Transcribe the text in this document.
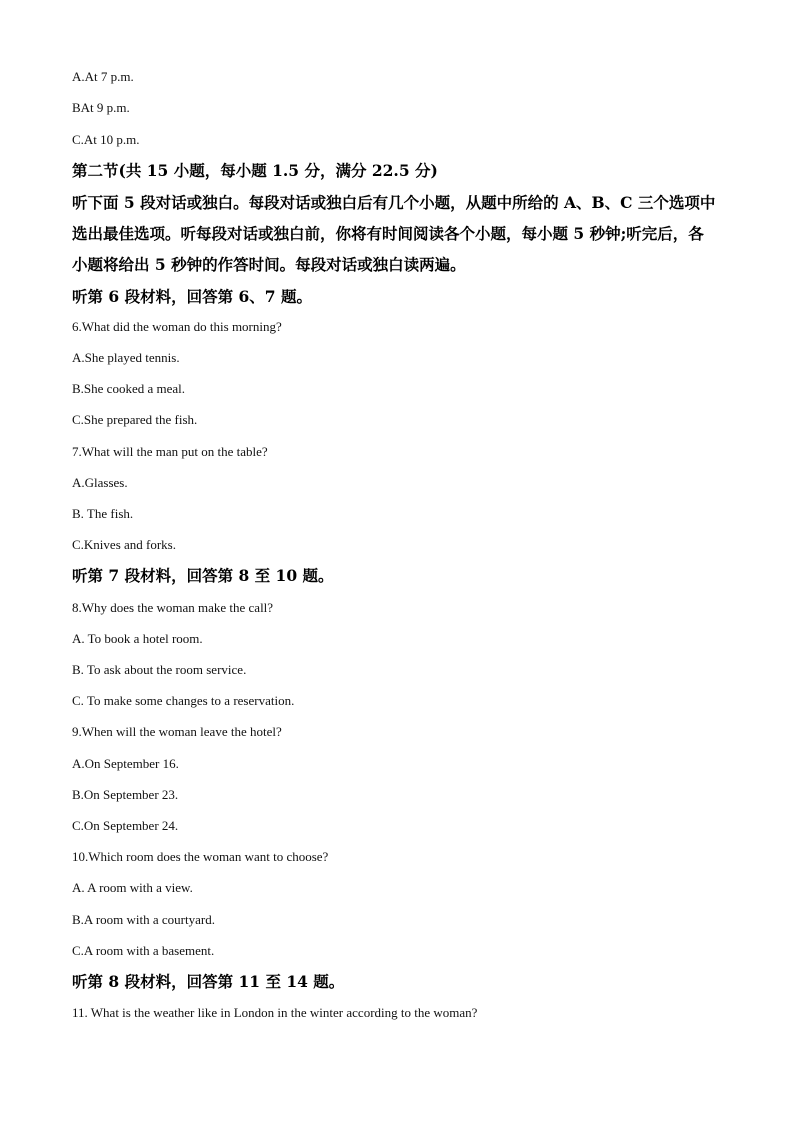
A.At 7 p.m.

BAt 9 p.m.

C.At 10 p.m.

第二节(共 15 小题，每小题 1.5 分，满分 22.5 分)

听下面 5 段对话或独白。每段对话或独白后有几个小题，从题中所给的 A、B、C 三个选项中

选出最佳选项。听每段对话或独白前，你将有时间阅读各个小题，每小题 5 秒钟;听完后，各

小题将给出 5 秒钟的作答时间。每段对话或独白读两遍。

听第 6 段材料，回答第 6、7 题。

6.What did the woman do this morning?

A.She played tennis.

B.She cooked a meal.

C.She prepared the fish.

7.What will the man put on the table?

A.Glasses.

B. The fish.

C.Knives and forks.

听第 7 段材料，回答第 8 至 10 题。

8.Why does the woman make the call?

A. To book a hotel room.

B. To ask about the room service.

C. To make some changes to a reservation.

9.When will the woman leave the hotel?

A.On September 16.

B.On September 23.

C.On September 24.

10.Which room does the woman want to choose?

A. A room with a view.

B.A room with a courtyard.

C.A room with a basement.

听第 8 段材料，回答第 11 至 14 题。

11. What is the weather like in London in the winter according to the woman?
